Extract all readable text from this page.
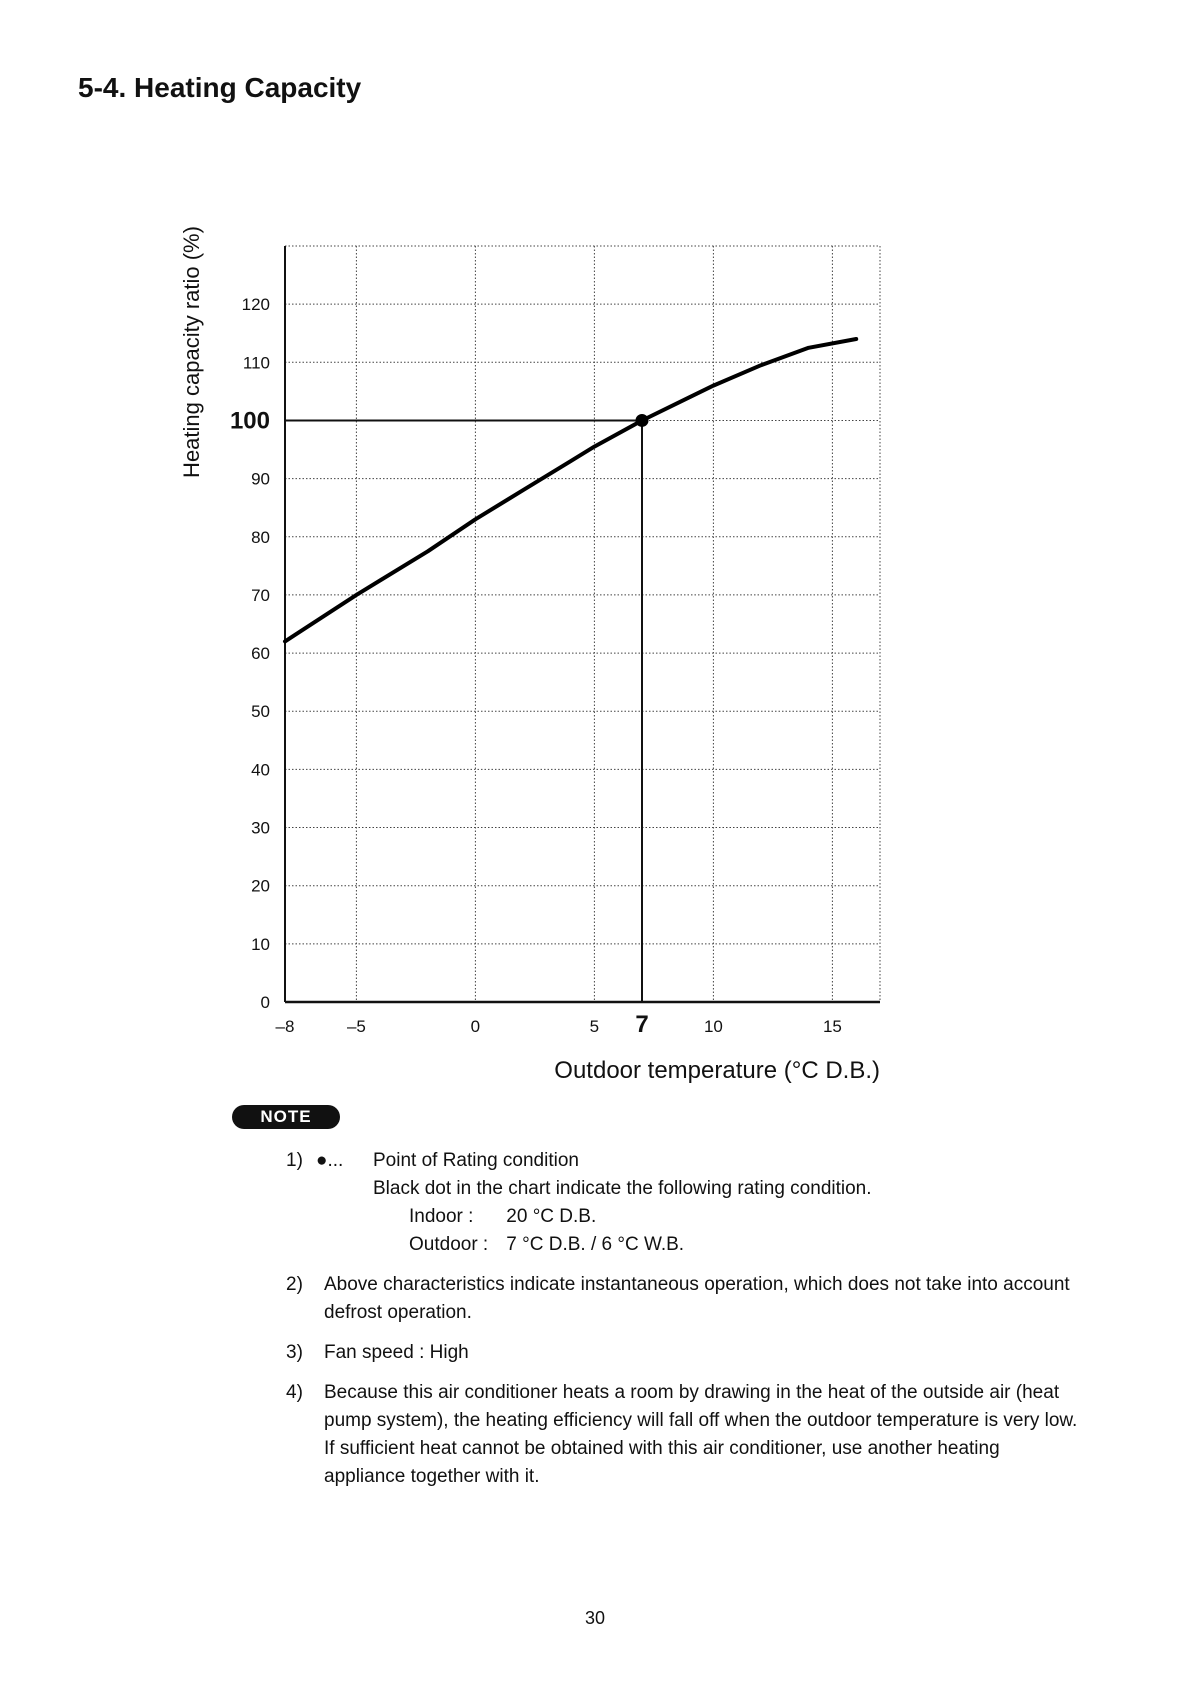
5-4. Heating Capacity
0
10
20
30
40
50
60
70
80
90
100
110
120
–8	–5	0	5 7	10	15
Heating capacity ratio (%)
Outdoor temperature (°C D.B.)
NOTE
1) ●... Point of Rating condition
Black dot in the chart indicate the following rating condition.
Indoor : 20 °C D.B.
Outdoor : 7 °C D.B. / 6 °C W.B.
2) Above characteristics indicate instantaneous operation, which does not take into account defrost operation.
3) Fan speed : High
4) Because this air conditioner heats a room by drawing in the heat of the outside air (heat pump system), the heating efficiency will fall off when the outdoor temperature is very low. If sufficient heat cannot be obtained with this air conditioner, use another heating appliance together with it.
30
